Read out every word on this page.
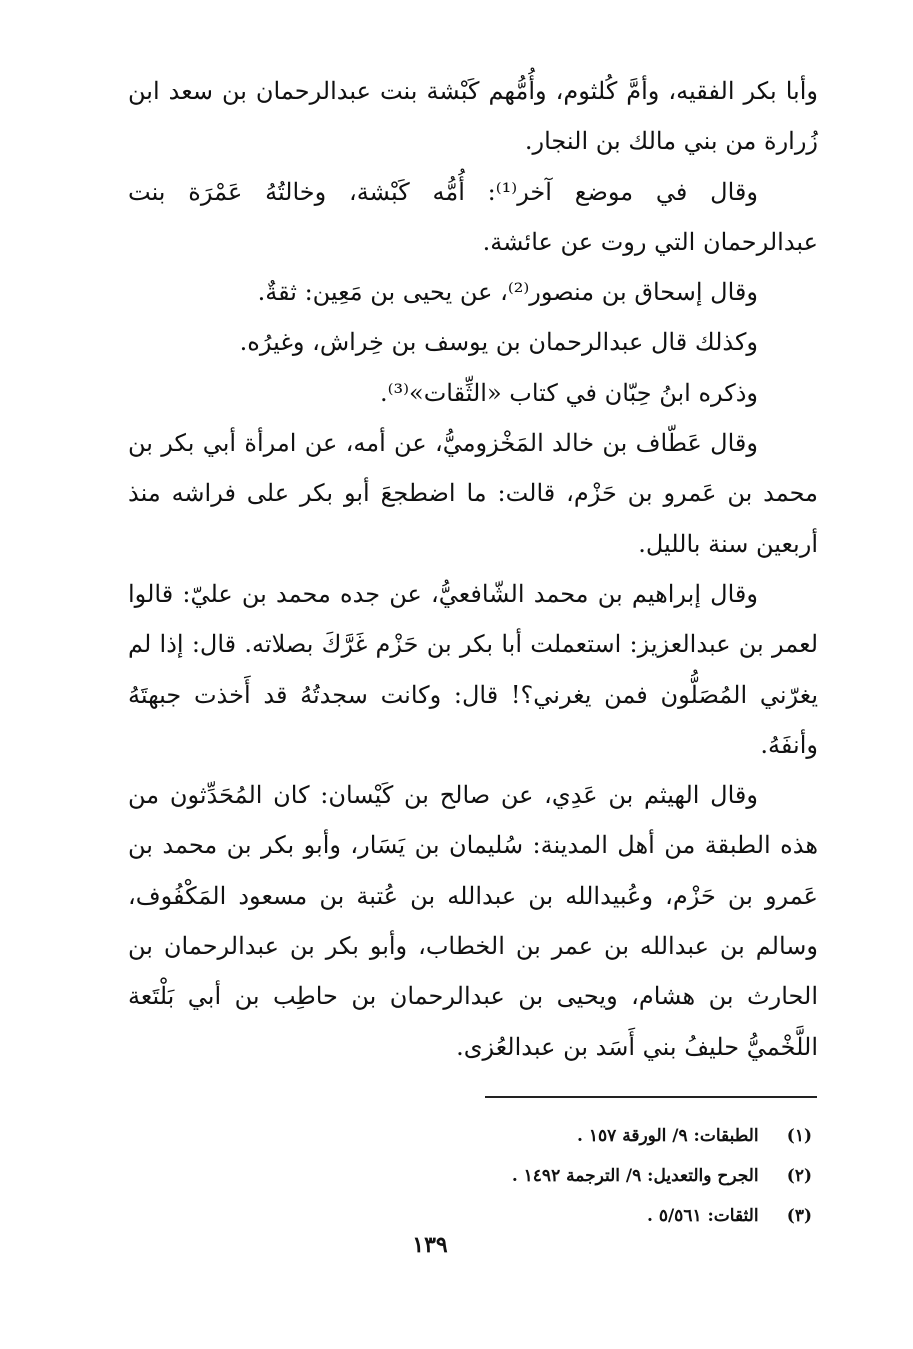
وأبا بكر الفقيه، وأمَّ كُلثوم، وأُمُّهم كَبْشة بنت عبدالرحمان بن سعد ابن زُرارة من بني مالك بن النجار.

وقال في موضع آخر⁽¹⁾: أُمُّه كَبْشة، وخالتُهُ عَمْرَة بنت عبدالرحمان التي روت عن عائشة.

وقال إسحاق بن منصور⁽²⁾، عن يحيى بن مَعِين: ثقةٌ.

وكذلك قال عبدالرحمان بن يوسف بن خِراش، وغيرُه.

وذكره ابنُ حِبّان في كتاب «الثِّقات»⁽³⁾.

وقال عَطّاف بن خالد المَخْزوميُّ، عن أمه، عن امرأة أبي بكر بن محمد بن عَمرو بن حَزْم، قالت: ما اضطجعَ أبو بكر على فراشه منذ أربعين سنة بالليل.

وقال إبراهيم بن محمد الشّافعيُّ، عن جده محمد بن عليّ: قالوا لعمر بن عبدالعزيز: استعملت أبا بكر بن حَزْم غَرَّكَ بصلاته. قال: إذا لم يغرّني المُصَلُّون فمن يغرني؟! قال: وكانت سجدتُهُ قد أَخذت جبهتَهُ وأنفَهُ.

وقال الهيثم بن عَدِي، عن صالح بن كَيْسان: كان المُحَدِّثون من هذه الطبقة من أهل المدينة: سُليمان بن يَسَار، وأبو بكر بن محمد بن عَمرو بن حَزْم، وعُبيدالله بن عبدالله بن عُتبة بن مسعود المَكْفُوف، وسالم بن عبدالله بن عمر بن الخطاب، وأبو بكر بن عبدالرحمان بن الحارث بن هشام، ويحيى بن عبدالرحمان بن حاطِب بن أبي بَلْتَعة اللَّخْميُّ حليفُ بني أَسَد بن عبدالعُزى.

(١) الطبقات: ٩/ الورقة ١٥٧ .
(٢) الجرح والتعديل: ٩/ الترجمة ١٤٩٢ .
(٣) الثقات: ٥/٥٦١ .
١٣٩
